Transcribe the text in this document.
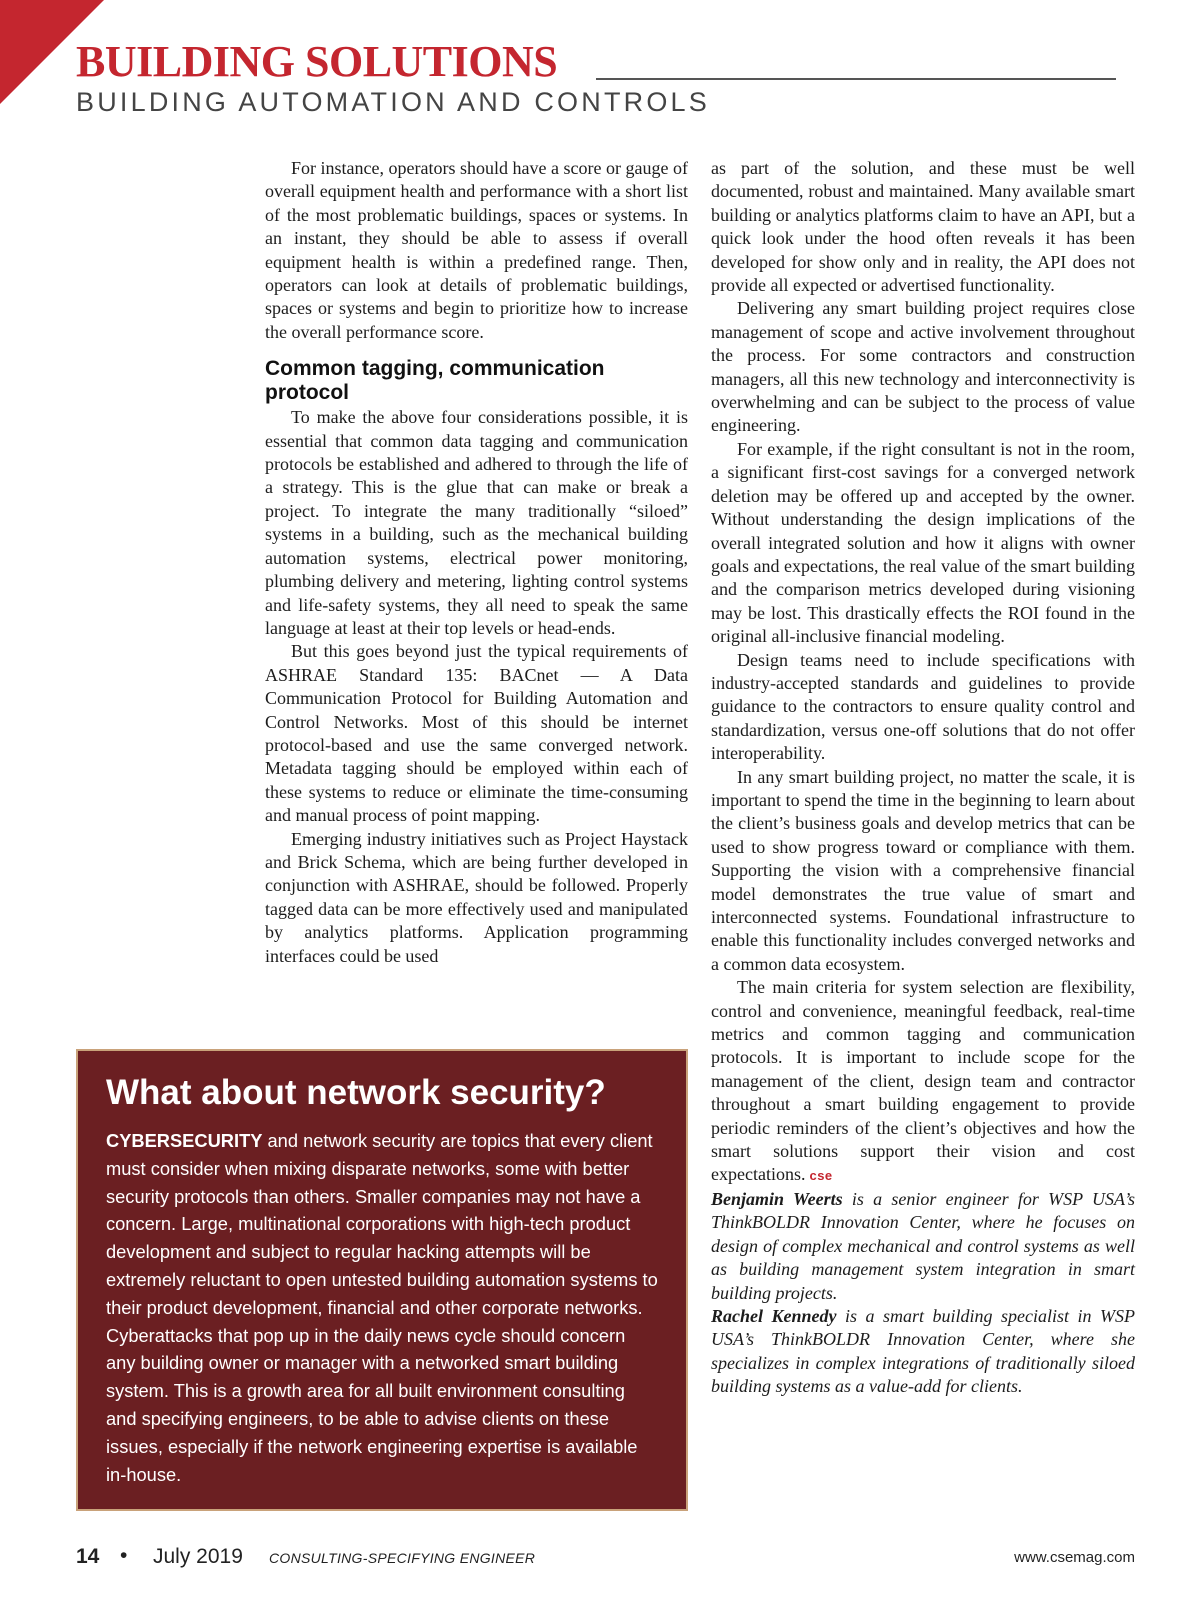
BUILDING SOLUTIONS
BUILDING AUTOMATION AND CONTROLS

For instance, operators should have a score or gauge of overall equipment health and performance with a short list of the most problematic buildings, spaces or systems. In an instant, they should be able to assess if overall equipment health is within a predefined range. Then, operators can look at details of problematic buildings, spaces or systems and begin to prioritize how to increase the overall performance score.

Common tagging, communication protocol

To make the above four considerations possible, it is essential that common data tagging and communication protocols be established and adhered to through the life of a strategy. This is the glue that can make or break a project. To integrate the many traditionally “siloed” systems in a building, such as the mechanical building automation systems, electrical power monitoring, plumbing delivery and metering, lighting control systems and life-safety systems, they all need to speak the same language at least at their top levels or head-ends.

But this goes beyond just the typical requirements of ASHRAE Standard 135: BACnet — A Data Communication Protocol for Building Automation and Control Networks. Most of this should be internet protocol-based and use the same converged network. Metadata tagging should be employed within each of these systems to reduce or eliminate the time-consuming and manual process of point mapping.

Emerging industry initiatives such as Project Haystack and Brick Schema, which are being further developed in conjunction with ASHRAE, should be followed. Properly tagged data can be more effectively used and manipulated by analytics platforms. Application programming interfaces could be used

as part of the solution, and these must be well documented, robust and maintained. Many available smart building or analytics platforms claim to have an API, but a quick look under the hood often reveals it has been developed for show only and in reality, the API does not provide all expected or advertised functionality.

Delivering any smart building project requires close management of scope and active involvement throughout the process. For some contractors and construction managers, all this new technology and interconnectivity is overwhelming and can be subject to the process of value engineering.

For example, if the right consultant is not in the room, a significant first-cost savings for a converged network deletion may be offered up and accepted by the owner. Without understanding the design implications of the overall integrated solution and how it aligns with owner goals and expectations, the real value of the smart building and the comparison metrics developed during visioning may be lost. This drastically effects the ROI found in the original all-inclusive financial modeling.

Design teams need to include specifications with industry-accepted standards and guidelines to provide guidance to the contractors to ensure quality control and standardization, versus one-off solutions that do not offer interoperability.

In any smart building project, no matter the scale, it is important to spend the time in the beginning to learn about the client’s business goals and develop metrics that can be used to show progress toward or compliance with them. Supporting the vision with a comprehensive financial model demonstrates the true value of smart and interconnected systems. Foundational infrastructure to enable this functionality includes converged networks and a common data ecosystem.

The main criteria for system selection are flexibility, control and convenience, meaningful feedback, real-time metrics and common tagging and communication protocols. It is important to include scope for the management of the client, design team and contractor throughout a smart building engagement to provide periodic reminders of the client’s objectives and how the smart solutions support their vision and cost expectations. cse

Benjamin Weerts is a senior engineer for WSP USA’s ThinkBOLDR Innovation Center, where he focuses on design of complex mechanical and control systems as well as building management system integration in smart building projects.

Rachel Kennedy is a smart building specialist in WSP USA’s ThinkBOLDR Innovation Center, where she specializes in complex integrations of traditionally siloed building systems as a value-add for clients.

What about network security?

CYBERSECURITY and network security are topics that every client must consider when mixing disparate networks, some with better security protocols than others. Smaller companies may not have a concern. Large, multinational corporations with high-tech product development and subject to regular hacking attempts will be extremely reluctant to open untested building automation systems to their product development, financial and other corporate networks. Cyberattacks that pop up in the daily news cycle should concern any building owner or manager with a networked smart building system. This is a growth area for all built environment consulting and specifying engineers, to be able to advise clients on these issues, especially if the network engineering expertise is available in-house.

14 • July 2019 CONSULTING-SPECIFYING ENGINEER	www.csemag.com
